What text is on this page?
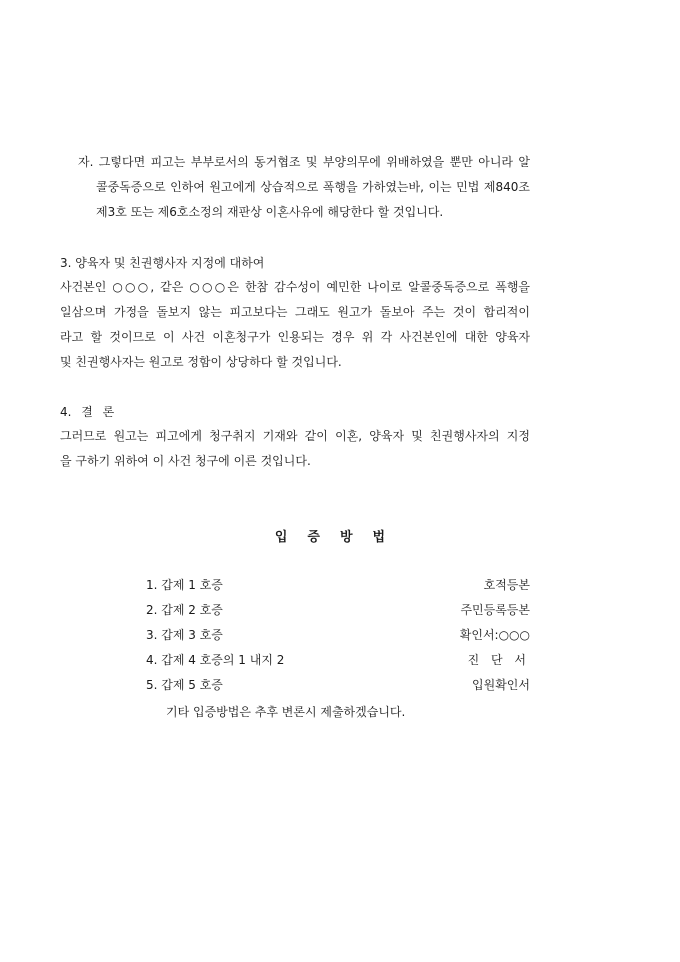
자. 그렇다면 피고는 부부로서의 동거협조 및 부양의무에 위배하였을 뿐만 아니라 알
콜중독증으로 인하여 원고에게 상습적으로 폭행을 가하였는바, 이는 민법 제840조
제3호 또는 제6호소정의 재판상 이혼사유에 해당한다 할 것입니다.
3. 양육자 및 친권행사자 지정에 대하여
사건본인 ○○○, 같은 ○○○은 한참 감수성이 예민한 나이로 알콜중독증으로 폭행을
일삼으며 가정을 돌보지 않는 피고보다는 그래도 원고가 돌보아 주는 것이 합리적이
라고 할 것이므로 이 사건 이혼청구가 인용되는 경우 위 각 사건본인에 대한 양육자
및 친권행사자는 원고로 정함이 상당하다 할 것입니다.
4. 결 론
그러므로 원고는 피고에게 청구취지 기재와 같이 이혼, 양육자 및 친권행사자의 지정
을 구하기 위하여 이 사건 청구에 이른 것입니다.
입증방법
1. 갑제 1 호증	호적등본
2. 갑제 2 호증	주민등록등본
3. 갑제 3 호증	확인서:○○○
4. 갑제 4 호증의 1 내지 2	진 단 서
5. 갑제 5 호증	입원확인서
기타 입증방법은 추후 변론시 제출하겠습니다.
